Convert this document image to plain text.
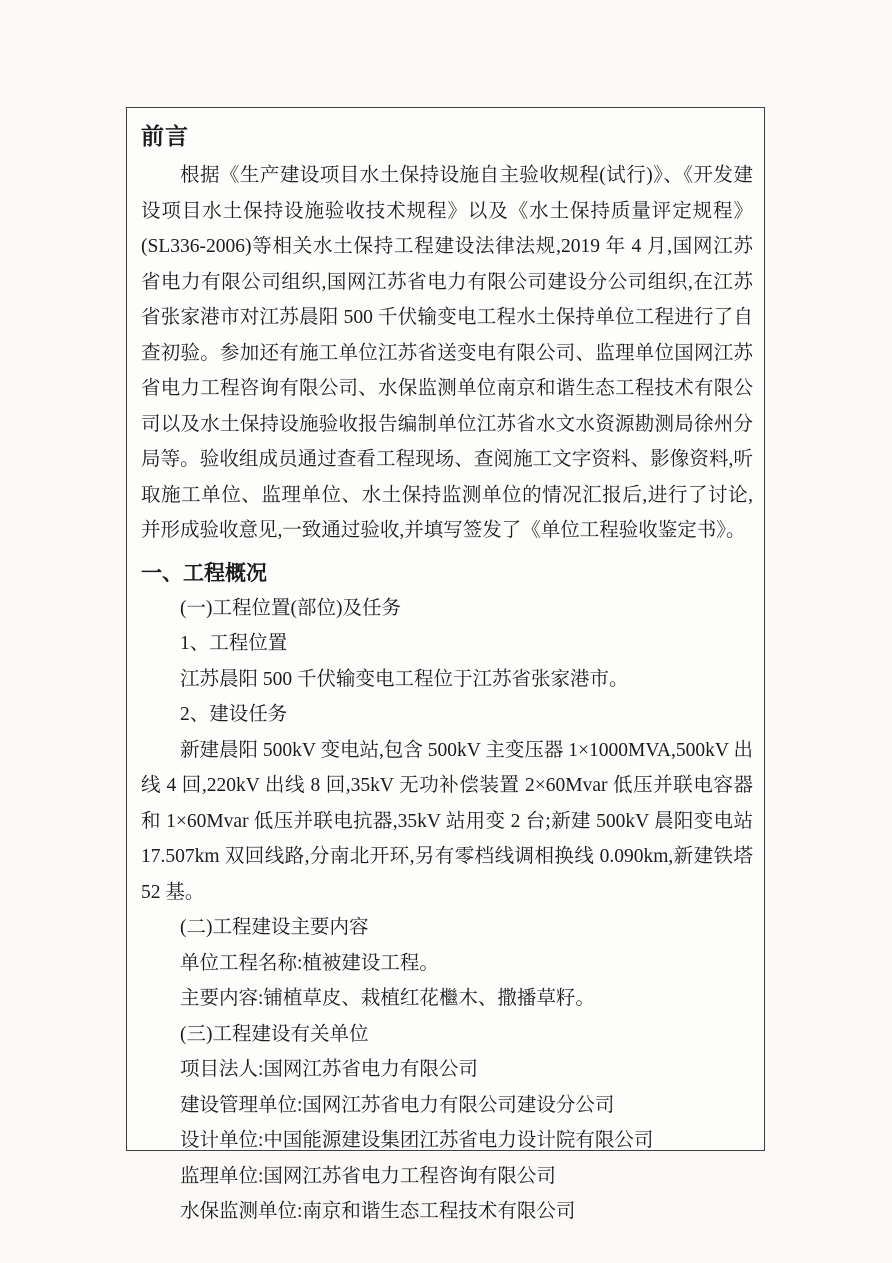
前言

根据《生产建设项目水土保持设施自主验收规程(试行)》、《开发建设项目水土保持设施验收技术规程》以及《水土保持质量评定规程》(SL336-2006)等相关水土保持工程建设法律法规,2019 年 4 月,国网江苏省电力有限公司组织,国网江苏省电力有限公司建设分公司组织,在江苏省张家港市对江苏晨阳 500 千伏输变电工程水土保持单位工程进行了自查初验。参加还有施工单位江苏省送变电有限公司、监理单位国网江苏省电力工程咨询有限公司、水保监测单位南京和谐生态工程技术有限公司以及水土保持设施验收报告编制单位江苏省水文水资源勘测局徐州分局等。验收组成员通过查看工程现场、查阅施工文字资料、影像资料,听取施工单位、监理单位、水土保持监测单位的情况汇报后,进行了讨论,并形成验收意见,一致通过验收,并填写签发了《单位工程验收鉴定书》。

一、工程概况

(一)工程位置(部位)及任务

1、工程位置

江苏晨阳 500 千伏输变电工程位于江苏省张家港市。

2、建设任务

新建晨阳 500kV 变电站,包含 500kV 主变压器 1×1000MVA,500kV 出线 4 回,220kV 出线 8 回,35kV 无功补偿装置 2×60Mvar 低压并联电容器和 1×60Mvar 低压并联电抗器,35kV 站用变 2 台;新建 500kV 晨阳变电站 17.507km 双回线路,分南北开环,另有零档线调相换线 0.090km,新建铁塔 52 基。

(二)工程建设主要内容

单位工程名称:植被建设工程。

主要内容:铺植草皮、栽植红花檵木、撒播草籽。

(三)工程建设有关单位

项目法人:国网江苏省电力有限公司

建设管理单位:国网江苏省电力有限公司建设分公司

设计单位:中国能源建设集团江苏省电力设计院有限公司

监理单位:国网江苏省电力工程咨询有限公司

水保监测单位:南京和谐生态工程技术有限公司
